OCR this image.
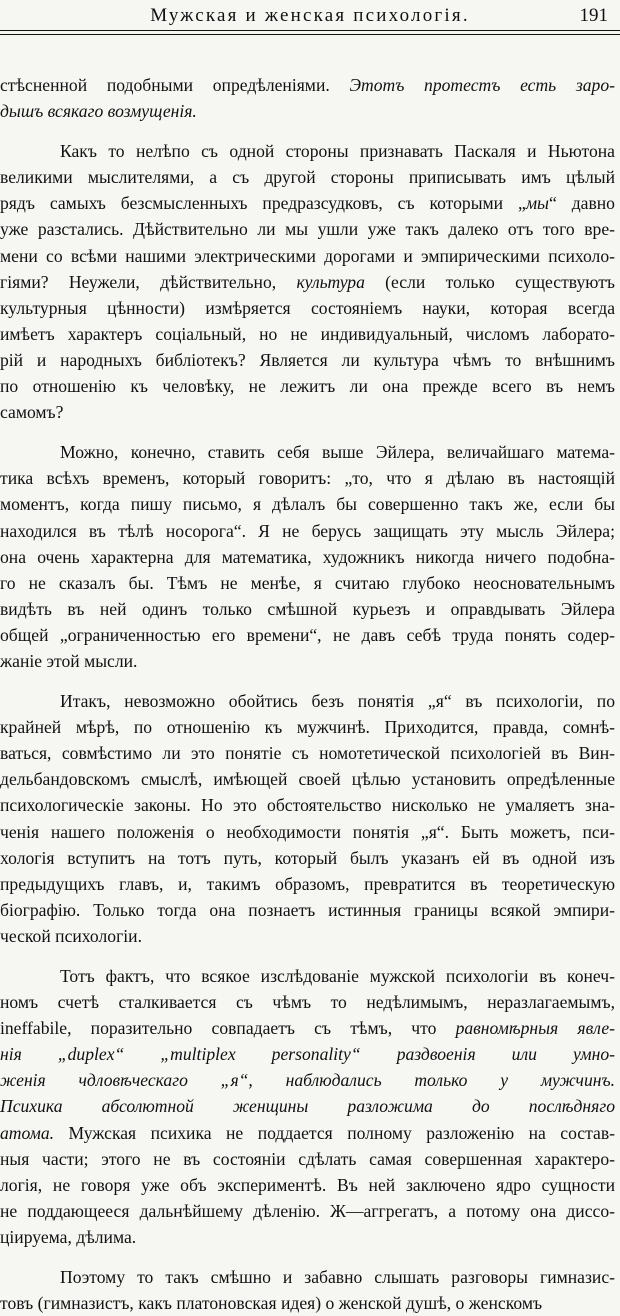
Мужская и женская психологія.	191
стѣсненной подобными опредѣленіями. Этотъ протестъ есть заро-
дышъ всякаго возмущенія.
Какъ то нелѣпо съ одной стороны признавать Паскаля и Ньютона
великими мыслителями, а съ другой стороны приписывать имъ цѣлый
рядъ самыхъ безсмысленныхъ предразсудковъ, съ которыми „мы“ давно
уже разстались. Дѣйствительно ли мы ушли уже такъ далеко отъ того вре-
мени со всѣми нашими электрическими дорогами и эмпирическими психоло-
гіями? Неужели, дѣйствительно, культура (если только существуютъ
культурныя цѣнности) измѣряется состояніемъ науки, которая всегда
имѣетъ характеръ соціальный, но не индивидуальный, числомъ лаборато-
рій и народныхъ библіотекъ? Является ли культура чѣмъ то внѣшнимъ
по отношенію къ человѣку, не лежитъ ли она прежде всего въ немъ
самомъ?
Можно, конечно, ставить себя выше Эйлера, величайшаго матема-
тика всѣхъ временъ, который говоритъ: „то, что я дѣлаю въ настоящій
моментъ, когда пишу письмо, я дѣлалъ бы совершенно такъ же, если бы
находился въ тѣлѣ носорога“. Я не берусь защищать эту мысль Эйлера;
она очень характерна для математика, художникъ никогда ничего подобна-
го не сказалъ бы. Тѣмъ не менѣе, я считаю глубоко неосновательнымъ
видѣть въ ней одинъ только смѣшной курьезъ и оправдывать Эйлера
общей „ограниченностью его времени“, не давъ себѣ труда понять содер-
жаніе этой мысли.
Итакъ, невозможно обойтись безъ понятія „я“ въ психологіи, по
крайней мѣрѣ, по отношенію къ мужчинѣ. Приходится, правда, сомнѣ-
ваться, совмѣстимо ли это понятіе съ номотетической психологіей въ Вин-
дельбандовскомъ смыслѣ, имѣющей своей цѣлью установить опредѣленные
психологическіе законы. Но это обстоятельство нисколько не умаляетъ зна-
ченія нашего положенія о необходимости понятія „я“. Быть можетъ, пси-
хологія вступитъ на тотъ путь, который былъ указанъ ей въ одной изъ
предыдущихъ главъ, и, такимъ образомъ, превратится въ теоретическую
біографію. Только тогда она познаетъ истинныя границы всякой эмпири-
ческой психологіи.
Тотъ фактъ, что всякое изслѣдованіе мужской психологіи въ конеч-
номъ счетѣ сталкивается съ чѣмъ то недѣлимымъ, неразлагаемымъ,
ineffabile, поразительно совпадаетъ съ тѣмъ, что равномѣрныя явле-
нія „duplex“ „multiplex personality“ раздвоенія или умно-
женія чдловѣческаго „я“, наблюдались только у мужчинъ.
Психика абсолютной женщины разложима до послѣдняго
атома. Мужская психика не поддается полному разложенію на состав-
ныя части; этого не въ состояніи сдѣлать самая совершенная характеро-
логія, не говоря уже объ экспериментѣ. Въ ней заключено ядро сущности
не поддающееся дальнѣйшему дѣленію. Ж—аггрегатъ, а потому она диссо-
ціируема, дѣлима.
Поэтому то такъ смѣшно и забавно слышать разговоры гимназис-
товъ (гимназистъ, какъ платоновская идея) о женской душѣ, о женскомъ
